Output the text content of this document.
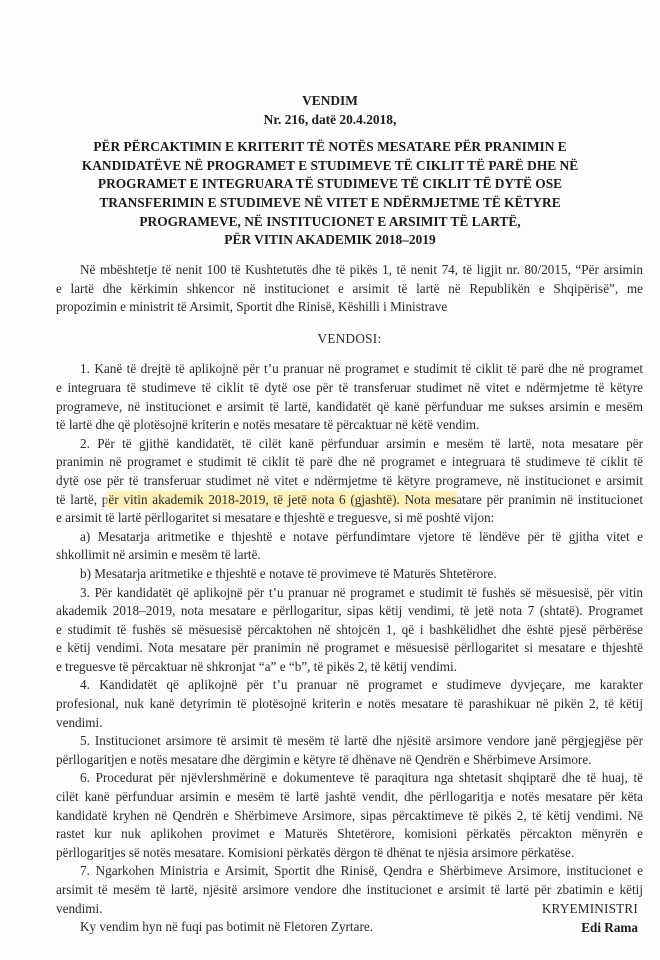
VENDIM
Nr. 216, datë 20.4.2018,
PËR PËRCAKTIMIN E KRITERIT TË NOTËS MESATARE PËR PRANIMIN E
KANDIDATËVE NË PROGRAMET E STUDIMEVE TË CIKLIT TË PARË DHE NË
PROGRAMET E INTEGRUARA TË STUDIMEVE TË CIKLIT TË DYTË OSE
TRANSFERIMIN E STUDIMEVE NË VITET E NDËRMJETME TË KËTYRE
PROGRAMEVE, NË INSTITUCIONET E ARSIMIT TË LARTË,
PËR VITIN AKADEMIK 2018–2019
Në mbështetje të nenit 100 të Kushtetutës dhe të pikës 1, të nenit 74, të ligjit nr. 80/2015, “Për arsimin
e lartë dhe kërkimin shkencor në institucionet e arsimit të lartë në Republikën e Shqipërisë”, me
propozimin e ministrit të Arsimit, Sportit dhe Rinisë, Këshilli i Ministrave
VENDOSI:
1. Kanë të drejtë të aplikojnë për t’u pranuar në programet e studimit të ciklit të parë dhe në programet
e integruara të studimeve të ciklit të dytë ose për të transferuar studimet në vitet e ndërmjetme të këtyre
programeve, në institucionet e arsimit të lartë, kandidatët që kanë përfunduar me sukses arsimin e mesëm
të lartë dhe që plotësojnë kriterin e notës mesatare të përcaktuar në këtë vendim.
2. Për të gjithë kandidatët, të cilët kanë përfunduar arsimin e mesëm të lartë, nota mesatare për
pranimin në programet e studimit të ciklit të parë dhe në programet e integruara të studimeve të ciklit të
dytë ose për të transferuar studimet në vitet e ndërmjetme të këtyre programeve, në institucionet e arsimit
të lartë, për vitin akademik 2018-2019, të jetë nota 6 (gjashtë). Nota mesatare për pranimin në institucionet
e arsimit të lartë përllogaritet si mesatare e thjeshtë e treguesve, si më poshtë vijon:
a) Mesatarja aritmetike e thjeshtë e notave përfundimtare vjetore të lëndëve për të gjitha vitet e
shkollimit në arsimin e mesëm të lartë.
b) Mesatarja aritmetike e thjeshtë e notave të provimeve të Maturës Shtetërore.
3. Për kandidatët që aplikojnë për t’u pranuar në programet e studimit të fushës së mësuesisë, për vitin
akademik 2018–2019, nota mesatare e përllogaritur, sipas këtij vendimi, të jetë nota 7 (shtatë). Programet
e studimit të fushës së mësuesisë përcaktohen në shtojcën 1, që i bashkëlidhet dhe është pjesë përbërëse
e këtij vendimi. Nota mesatare për pranimin në programet e mësuesisë përllogaritet si mesatare e thjeshtë
e treguesve të përcaktuar në shkronjat “a” e “b”, të pikës 2, të këtij vendimi.
4. Kandidatët që aplikojnë për t’u pranuar në programet e studimeve dyvjeçare, me karakter
profesional, nuk kanë detyrimin të plotësojnë kriterin e notës mesatare të parashikuar në pikën 2, të këtij
vendimi.
5. Institucionet arsimore të arsimit të mesëm të lartë dhe njësitë arsimore vendore janë përgjegjëse për
përllogaritjen e notës mesatare dhe dërgimin e këtyre të dhënave në Qendrën e Shërbimeve Arsimore.
6. Procedurat për njëvlershmërinë e dokumenteve të paraqitura nga shtetasit shqiptarë dhe të huaj, të
cilët kanë përfunduar arsimin e mesëm të lartë jashtë vendit, dhe përllogaritja e notës mesatare për këta
kandidatë kryhen në Qendrën e Shërbimeve Arsimore, sipas përcaktimeve të pikës 2, të këtij vendimi. Në
rastet kur nuk aplikohen provimet e Maturës Shtetërore, komisioni përkatës përcakton mënyrën e
përllogaritjes së notës mesatare. Komisioni përkatës dërgon të dhënat te njësia arsimore përkatëse.
7. Ngarkohen Ministria e Arsimit, Sportit dhe Rinisë, Qendra e Shërbimeve Arsimore, institucionet e
arsimit të mesëm të lartë, njësitë arsimore vendore dhe institucionet e arsimit të lartë për zbatimin e këtij
vendimi.
Ky vendim hyn në fuqi pas botimit në Fletoren Zyrtare.
KRYEMINISTRI
Edi Rama
